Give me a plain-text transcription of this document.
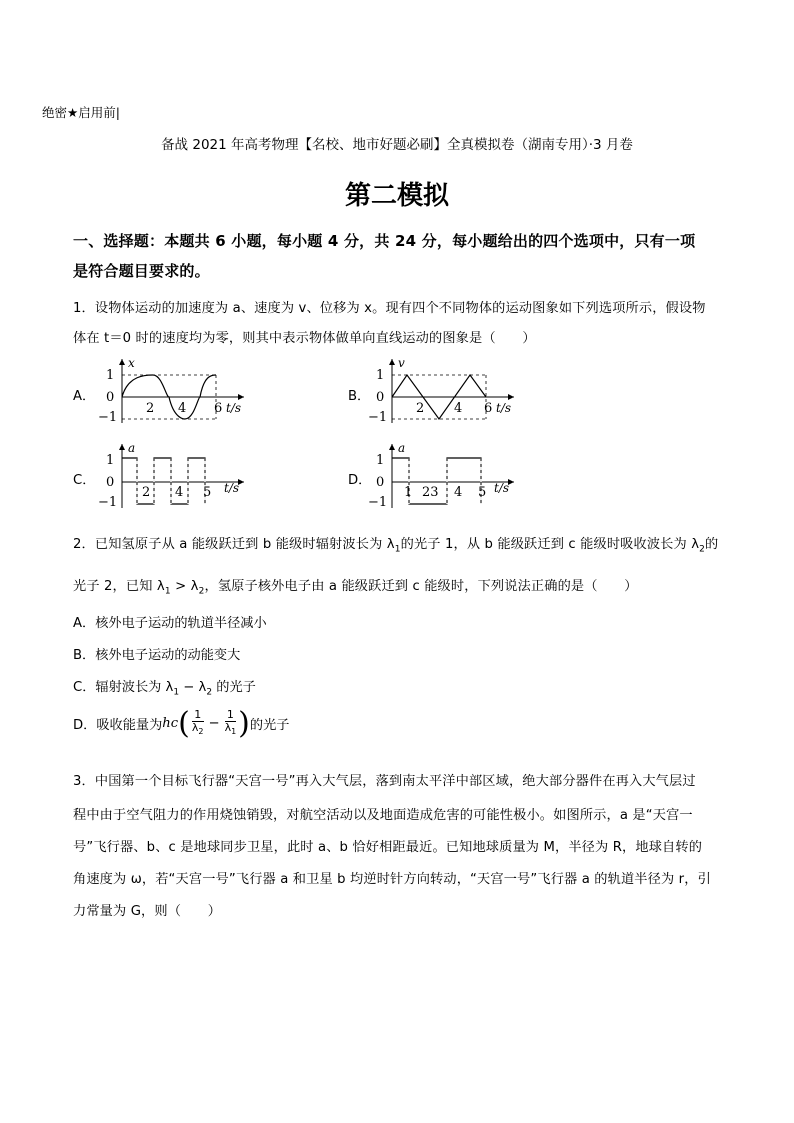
绝密★启用前|
备战 2021 年高考物理【名校、地市好题必刷】全真模拟卷（湖南专用）·3 月卷
第二模拟
一、选择题：本题共 6 小题，每小题 4 分，共 24 分，每小题给出的四个选项中，只有一项
是符合题目要求的。
1．设物体运动的加速度为 a、速度为 v、位移为 x。现有四个不同物体的运动图象如下列选项所示，假设物
体在 t＝0 时的速度均为零，则其中表示物体做单向直线运动的图象是（　　）
A．
x
1
0
−1
2 4 6 t/s
B．
v
1
0
−1
2 4 6 t/s
C．
a
1
0
−1
2 4 5 t/s	D．
a
1
0
−1
1 23 4 5 t/s
2．已知氢原子从 a 能级跃迁到 b 能级时辐射波长为 $\lambda_1$的光子 1，从 b 能级跃迁到 c 能级时吸收波长为 $\lambda_2$的
光子 2，已知 $\lambda_1 > \lambda_2$，氢原子核外电子由 a 能级跃迁到 c 能级时，下列说法正确的是（　　）
A．核外电子运动的轨道半径减小
B．核外电子运动的动能变大
C．辐射波长为 $\lambda_1 - \lambda_2$ 的光子
D．吸收能量为 hc ( $\frac{1}{\lambda_2} - \frac{1}{\lambda_1}$ ) 的光子
3．中国第一个目标飞行器“天宫一号”再入大气层，落到南太平洋中部区域，绝大部分器件在再入大气层过
程中由于空气阻力的作用烧蚀销毁，对航空活动以及地面造成危害的可能性极小。如图所示，a 是“天宫一
号”飞行器、b、c 是地球同步卫星，此时 a、b 恰好相距最近。已知地球质量为 M，半径为 R，地球自转的
角速度为 ω，若“天宫一号”飞行器 a 和卫星 b 均逆时针方向转动，“天宫一号”飞行器 a 的轨道半径为 r，引
力常量为 G，则（　　）
